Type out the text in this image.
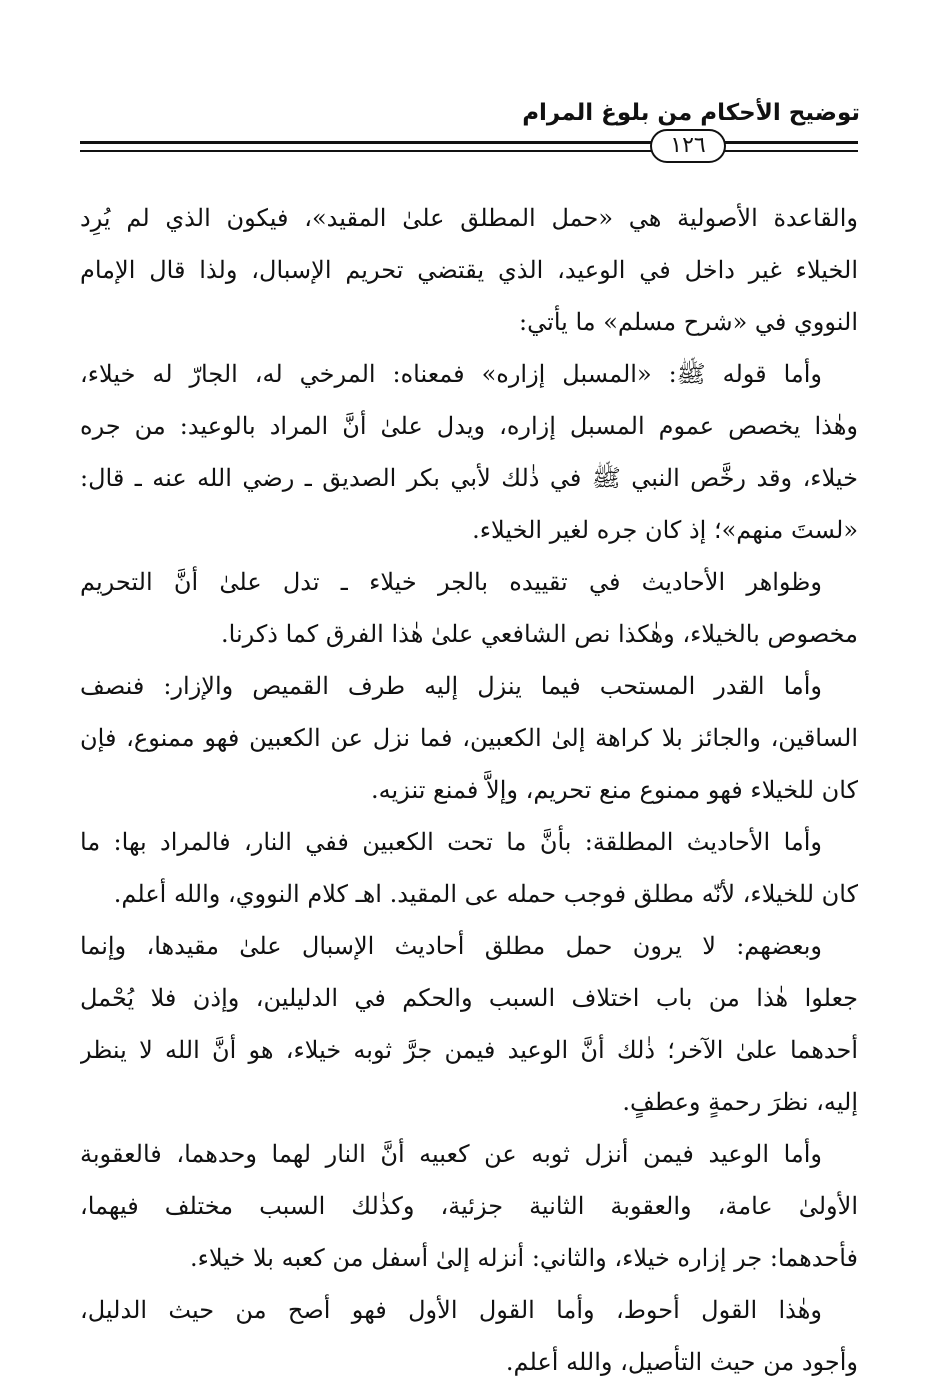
توضيح الأحكام من بلوغ المرام
١٢٦
والقاعدة الأصولية هي «حمل المطلق علىٰ المقيد»، فيكون الذي لم يُرِد
الخيلاء غير داخل في الوعيد، الذي يقتضي تحريم الإسبال، ولذا قال الإمام
النووي في «شرح مسلم» ما يأتي:
وأما قوله ﷺ: «المسبل إزاره» فمعناه: المرخي له، الجارّ له خيلاء،
وهٰذا يخصص عموم المسبل إزاره، ويدل علىٰ أنَّ المراد بالوعيد: من جره
خيلاء، وقد رخَّص النبي ﷺ في ذٰلك لأبي بكر الصديق ـ رضي الله عنه ـ قال:
«لستَ منهم»؛ إذ كان جره لغير الخيلاء.
وظواهر الأحاديث في تقييده بالجر خيلاء ـ تدل علىٰ أنَّ التحريم
مخصوص بالخيلاء، وهٰكذا نص الشافعي علىٰ هٰذا الفرق كما ذكرنا.
وأما القدر المستحب فيما ينزل إليه طرف القميص والإزار: فنصف
الساقين، والجائز بلا كراهة إلىٰ الكعبين، فما نزل عن الكعبين فهو ممنوع، فإن
كان للخيلاء فهو ممنوع منع تحريم، وإلاَّ فمنع تنزيه.
وأما الأحاديث المطلقة: بأنَّ ما تحت الكعبين ففي النار، فالمراد بها: ما
كان للخيلاء، لأنّه مطلق فوجب حمله عى المقيد. اهـ كلام النووي، والله أعلم.
وبعضهم: لا يرون حمل مطلق أحاديث الإسبال علىٰ مقيدها، وإنما
جعلوا هٰذا من باب اختلاف السبب والحكم في الدليلين، وإذن فلا يُحْمل
أحدهما علىٰ الآخر؛ ذٰلك أنَّ الوعيد فيمن جرَّ ثوبه خيلاء، هو أنَّ الله لا ينظر
إليه، نظرَ رحمةٍ وعطفٍ.
وأما الوعيد فيمن أنزل ثوبه عن كعبيه أنَّ النار لهما وحدهما، فالعقوبة
الأولىٰ عامة، والعقوبة الثانية جزئية، وكذٰلك السبب مختلف فيهما،
فأحدهما: جر إزاره خيلاء، والثاني: أنزله إلىٰ أسفل من كعبه بلا خيلاء.
وهٰذا القول أحوط، وأما القول الأول فهو أصح من حيث الدليل،
وأجود من حيث التأصيل، والله أعلم.
